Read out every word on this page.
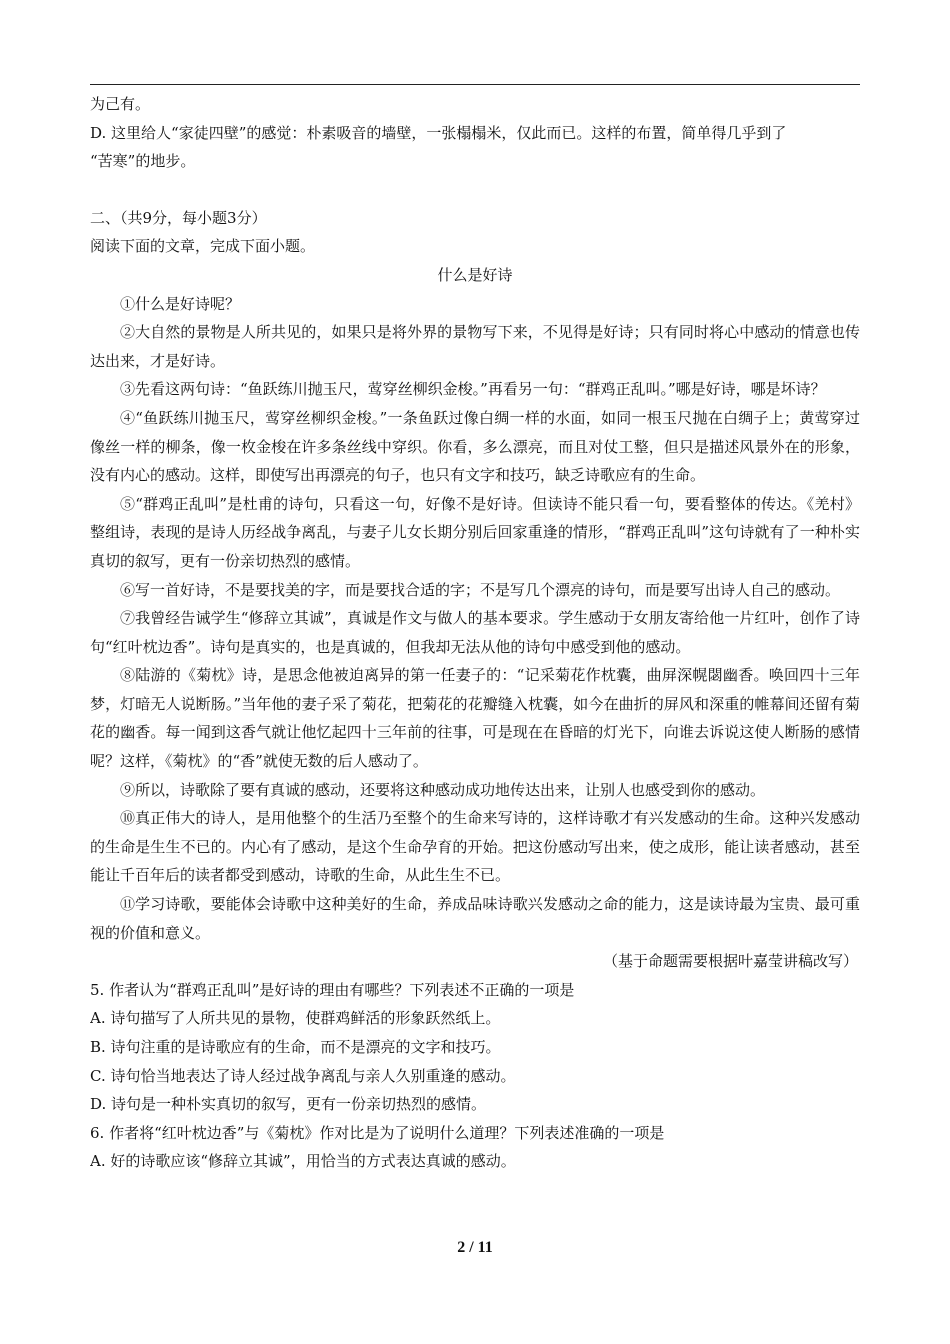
为己有。
D. 这里给人“家徒四壁”的感觉：朴素吸音的墙壁，一张榻榻米，仅此而已。这样的布置，简单得几乎到了
“苦寒”的地步。
二、（共9分，每小题3分）
阅读下面的文章，完成下面小题。
什么是好诗
①什么是好诗呢？
②大自然的景物是人所共见的，如果只是将外界的景物写下来，不见得是好诗；只有同时将心中感动的情意也传达出来，才是好诗。
③先看这两句诗：“鱼跃练川抛玉尺，莺穿丝柳织金梭。”再看另一句：“群鸡正乱叫。”哪是好诗，哪是坏诗？
④“鱼跃练川抛玉尺，莺穿丝柳织金梭。”一条鱼跃过像白绸一样的水面，如同一根玉尺抛在白绸子上；黄莺穿过像丝一样的柳条，像一枚金梭在许多条丝线中穿织。你看，多么漂亮，而且对仗工整，但只是描述风景外在的形象，没有内心的感动。这样，即使写出再漂亮的句子，也只有文字和技巧，缺乏诗歌应有的生命。
⑤“群鸡正乱叫”是杜甫的诗句，只看这一句，好像不是好诗。但读诗不能只看一句，要看整体的传达。《羌村》整组诗，表现的是诗人历经战争离乱，与妻子儿女长期分别后回家重逢的情形，“群鸡正乱叫”这句诗就有了一种朴实真切的叙写，更有一份亲切热烈的感情。
⑥写一首好诗，不是要找美的字，而是要找合适的字；不是写几个漂亮的诗句，而是要写出诗人自己的感动。
⑦我曾经告诫学生“修辞立其诚”，真诚是作文与做人的基本要求。学生感动于女朋友寄给他一片红叶，创作了诗句“红叶枕边香”。诗句是真实的，也是真诚的，但我却无法从他的诗句中感受到他的感动。
⑧陆游的《菊枕》诗，是思念他被迫离异的第一任妻子的：“记采菊花作枕囊，曲屏深幌閟幽香。唤回四十三年梦，灯暗无人说断肠。”当年他的妻子采了菊花，把菊花的花瓣缝入枕囊，如今在曲折的屏风和深重的帷幕间还留有菊花的幽香。每一闻到这香气就让他忆起四十三年前的往事，可是现在在昏暗的灯光下，向谁去诉说这使人断肠的感情呢？这样，《菊枕》的“香”就使无数的后人感动了。
⑨所以，诗歌除了要有真诚的感动，还要将这种感动成功地传达出来，让别人也感受到你的感动。
⑩真正伟大的诗人，是用他整个的生活乃至整个的生命来写诗的，这样诗歌才有兴发感动的生命。这种兴发感动的生命是生生不已的。内心有了感动，是这个生命孕育的开始。把这份感动写出来，使之成形，能让读者感动，甚至能让千百年后的读者都受到感动，诗歌的生命，从此生生不已。
⑪学习诗歌，要能体会诗歌中这种美好的生命，养成品味诗歌兴发感动之命的能力，这是读诗最为宝贵、最可重视的价值和意义。
（基于命题需要根据叶嘉莹讲稿改写）
5. 作者认为“群鸡正乱叫”是好诗的理由有哪些？下列表述不正确的一项是
A. 诗句描写了人所共见的景物，使群鸡鲜活的形象跃然纸上。
B. 诗句注重的是诗歌应有的生命，而不是漂亮的文字和技巧。
C. 诗句恰当地表达了诗人经过战争离乱与亲人久别重逢的感动。
D. 诗句是一种朴实真切的叙写，更有一份亲切热烈的感情。
6. 作者将“红叶枕边香”与《菊枕》作对比是为了说明什么道理？下列表述准确的一项是
A. 好的诗歌应该“修辞立其诚”，用恰当的方式表达真诚的感动。
2 / 11
